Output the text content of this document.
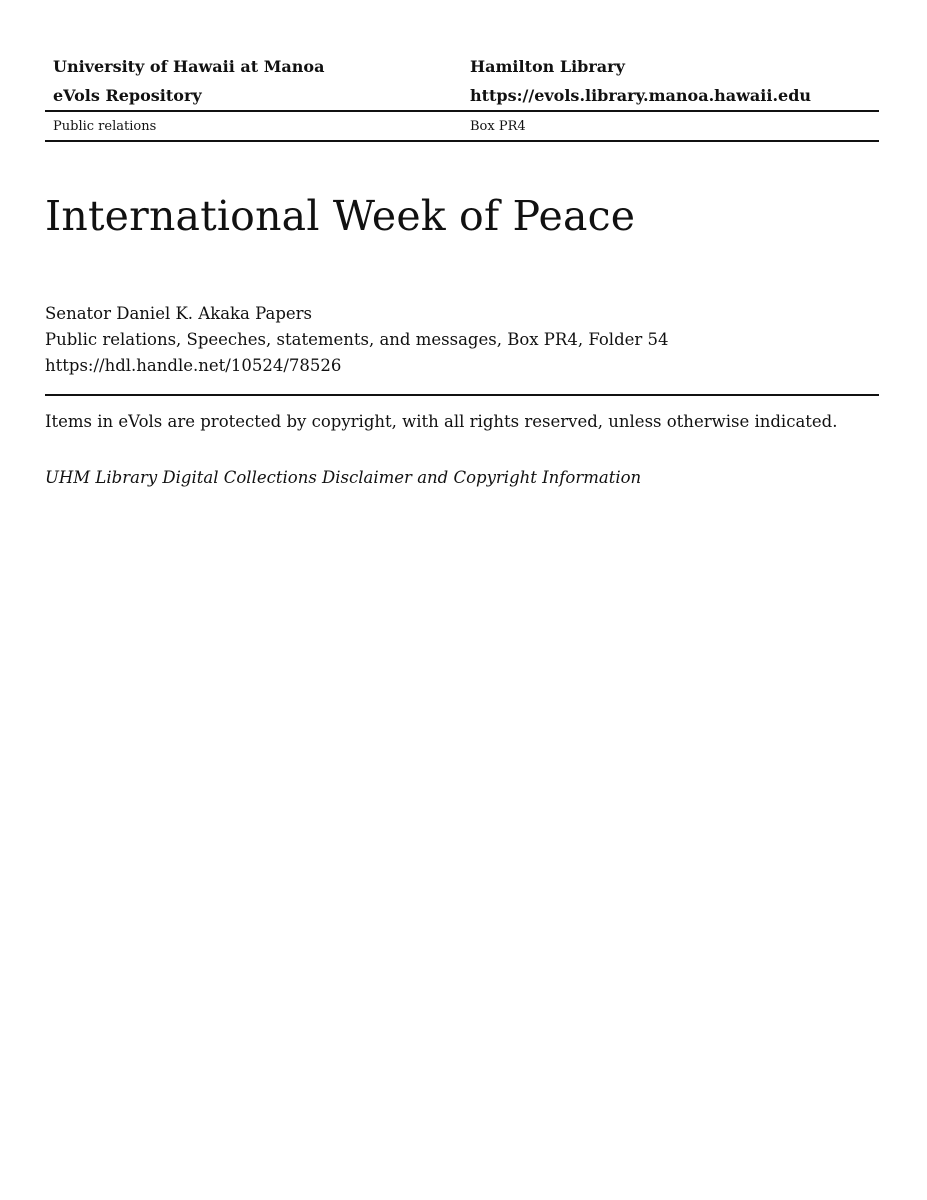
University of Hawaii at Manoa	Hamilton Library
eVols Repository	https://evols.library.manoa.hawaii.edu
Public relations	Box PR4
International Week of Peace
Senator Daniel K. Akaka Papers
Public relations, Speeches, statements, and messages, Box PR4, Folder 54
https://hdl.handle.net/10524/78526
Items in eVols are protected by copyright, with all rights reserved, unless otherwise indicated.
UHM Library Digital Collections Disclaimer and Copyright Information
